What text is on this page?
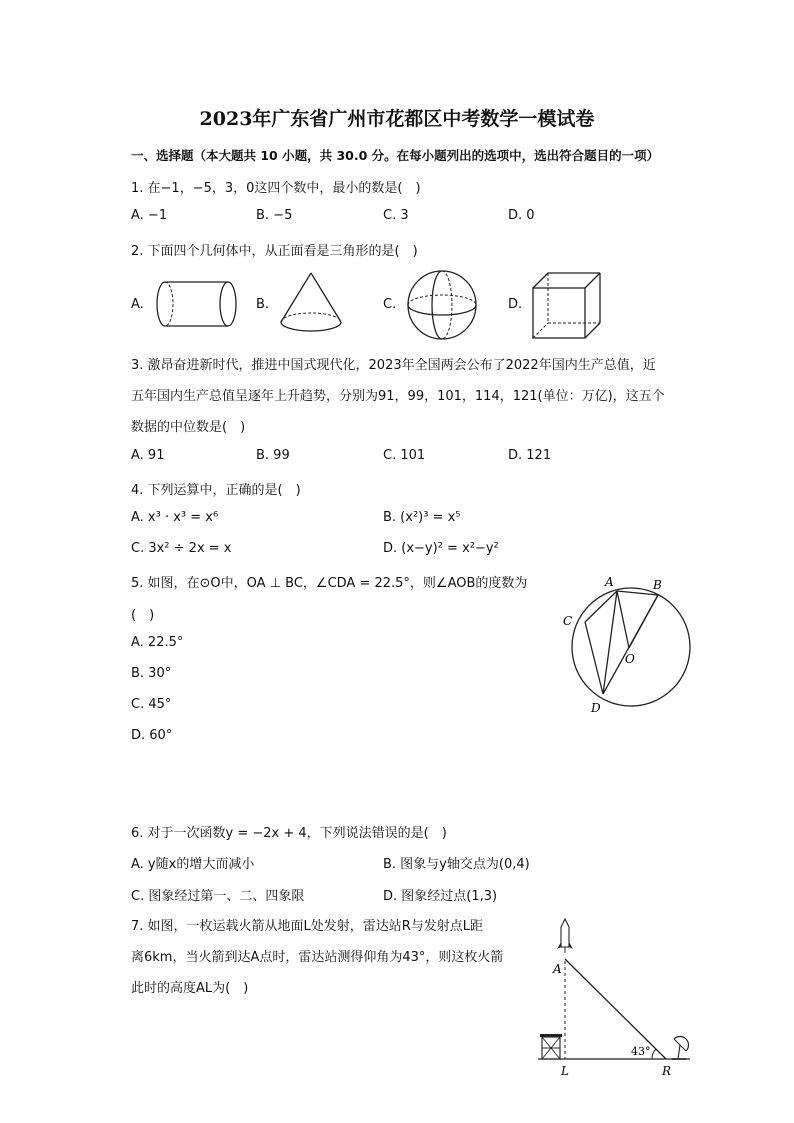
2023年广东省广州市花都区中考数学一模试卷
一、选择题（本大题共 10 小题，共 30.0 分。在每小题列出的选项中，选出符合题目的一项）
1. 在−1，−5，3，0这四个数中，最小的数是(　)
A. −1	B. −5	C. 3	D. 0
2. 下面四个几何体中，从正面看是三角形的是(　)
A.	B.	C.	D.
3. 激昂奋进新时代，推进中国式现代化，2023年全国两会公布了2022年国内生产总值，近
五年国内生产总值呈逐年上升趋势，分别为91，99，101，114，121(单位：万亿)，这五个
数据的中位数是(　)
A. 91	B. 99	C. 101	D. 121
4. 下列运算中，正确的是(　)
A. x³ · x³ = x⁶	B. (x²)³ = x⁵
C. 3x² ÷ 2x = x	D. (x−y)² = x²−y²
5. 如图，在⊙O中，OA ⊥ BC，∠CDA = 22.5°，则∠AOB的度数为
(　)
A. 22.5°
B. 30°
C. 45°
D. 60°
A	B
C
D
O
6. 对于一次函数y = −2x + 4，下列说法错误的是(　)
A. y随x的增大而减小	B. 图象与y轴交点为(0,4)
C. 图象经过第一、二、四象限	D. 图象经过点(1,3)
7. 如图，一枚运载火箭从地面L处发射，雷达站R与发射点L距
离6km，当火箭到达A点时，雷达站测得仰角为43°，则这枚火箭
此时的高度AL为(　)
A
L	R
43°
